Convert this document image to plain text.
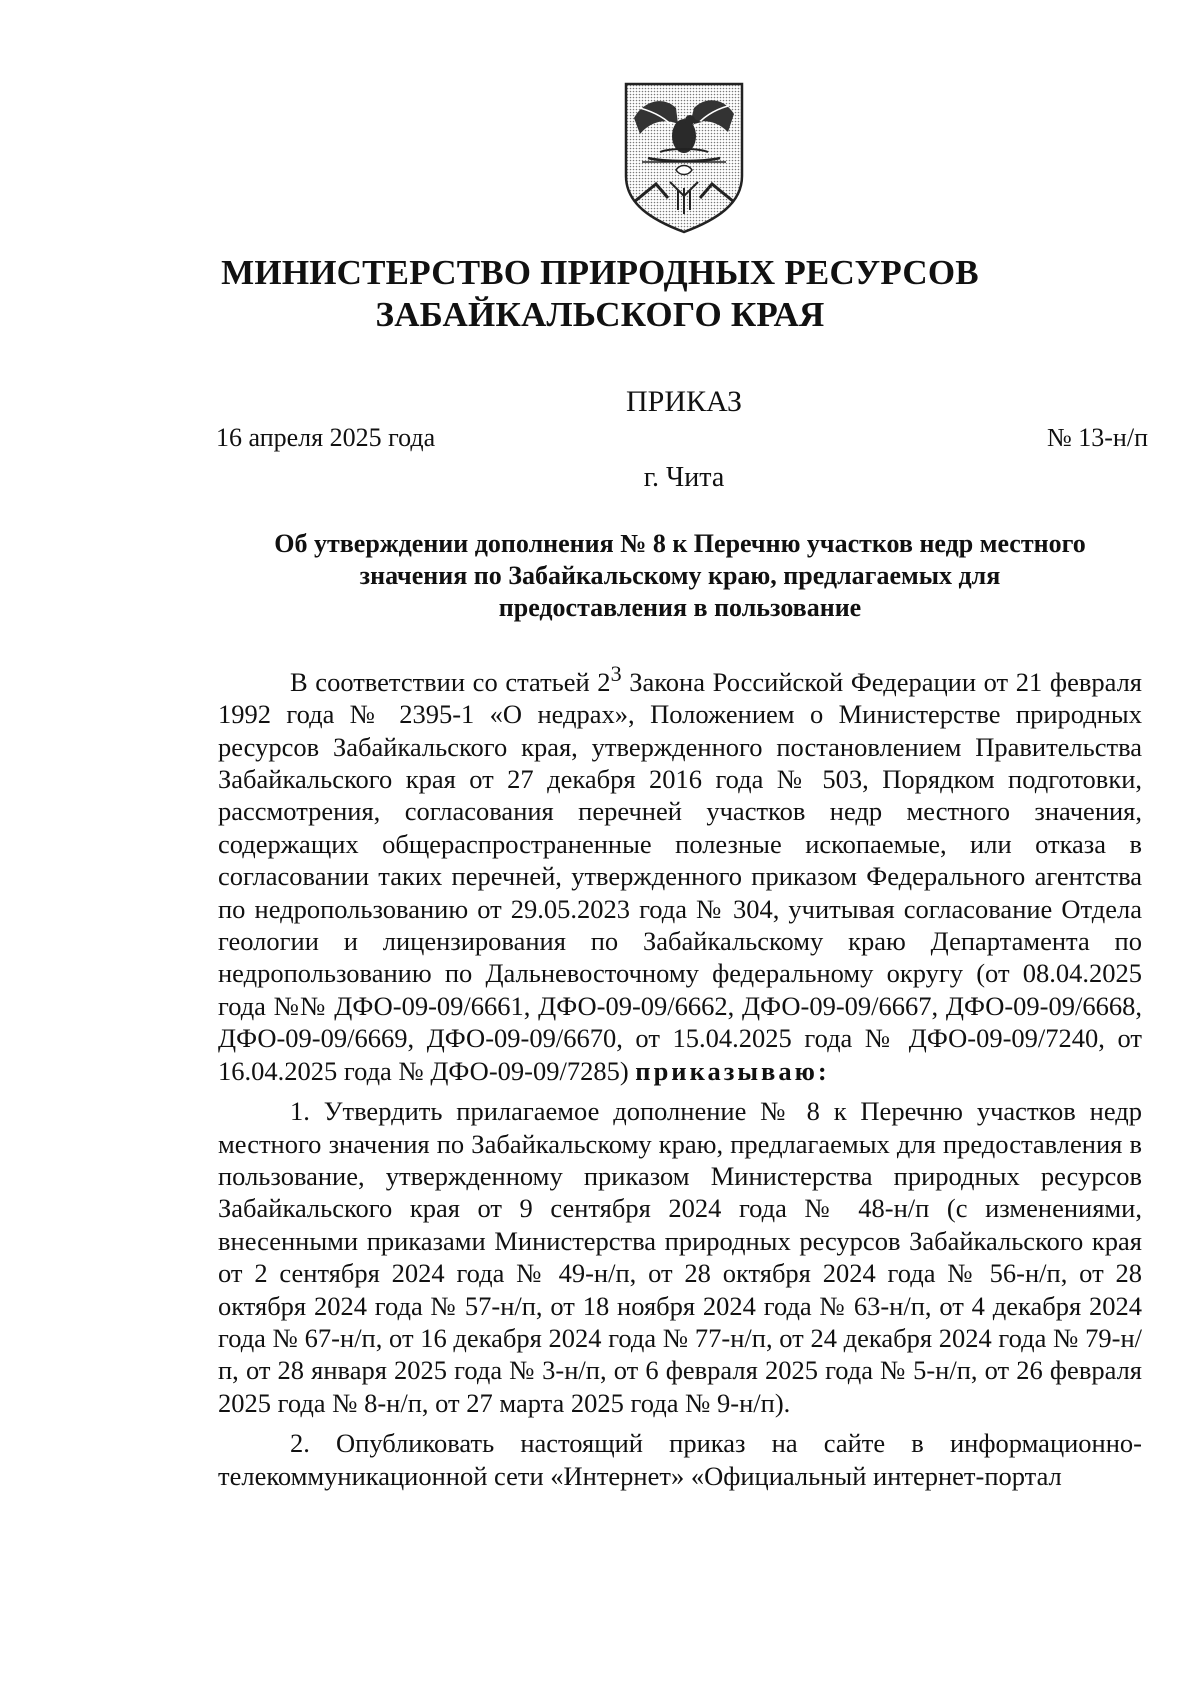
МИНИСТЕРСТВО ПРИРОДНЫХ РЕСУРСОВ
ЗАБАЙКАЛЬСКОГО КРАЯ
ПРИКАЗ
16 апреля 2025 года	№ 13-н/п
г. Чита
Об утверждении дополнения № 8 к Перечню участков недр местного
значения по Забайкальскому краю, предлагаемых для
предоставления в пользование

В соответствии со статьей $2^3$ Закона Российской Федерации от 21 февраля 1992 года № 2395-1 «О недрах», Положением о Министерстве природных ресурсов Забайкальского края, утвержденного постановлением Правительства Забайкальского края от 27 декабря 2016 года № 503, Порядком подготовки, рассмотрения, согласования перечней участков недр местного значения, содержащих общераспространенные полезные ископаемые, или отказа в согласовании таких перечней, утвержденного приказом Федерального агентства по недропользованию от 29.05.2023 года № 304, учитывая согласование Отдела геологии и лицензирования по Забайкальскому краю Департамента по недропользованию по Дальневосточному федеральному округу (от 08.04.2025 года №№ ДФО-09-09/6661, ДФО-09-09/6662, ДФО-09-09/6667, ДФО-09-09/6668, ДФО-09-09/6669, ДФО-09-09/6670, от 15.04.2025 года № ДФО-09-09/7240, от 16.04.2025 года № ДФО-09-09/7285) приказываю:

1. Утвердить прилагаемое дополнение № 8 к Перечню участков недр местного значения по Забайкальскому краю, предлагаемых для предоставления в пользование, утвержденному приказом Министерства природных ресурсов Забайкальского края от 9 сентября 2024 года № 48-н/п (с изменениями, внесенными приказами Министерства природных ресурсов Забайкальского края от 2 сентября 2024 года № 49-н/п, от 28 октября 2024 года № 56-н/п, от 28 октября 2024 года № 57-н/п, от 18 ноября 2024 года № 63-н/п, от 4 декабря 2024 года № 67-н/п, от 16 декабря 2024 года № 77-н/п, от 24 декабря 2024 года № 79-н/п, от 28 января 2025 года № 3-н/п, от 6 февраля 2025 года № 5-н/п, от 26 февраля 2025 года № 8-н/п, от 27 марта 2025 года № 9-н/п).

2. Опубликовать настоящий приказ на сайте в информационно-телекоммуникационной сети «Интернет» «Официальный интернет-портал
